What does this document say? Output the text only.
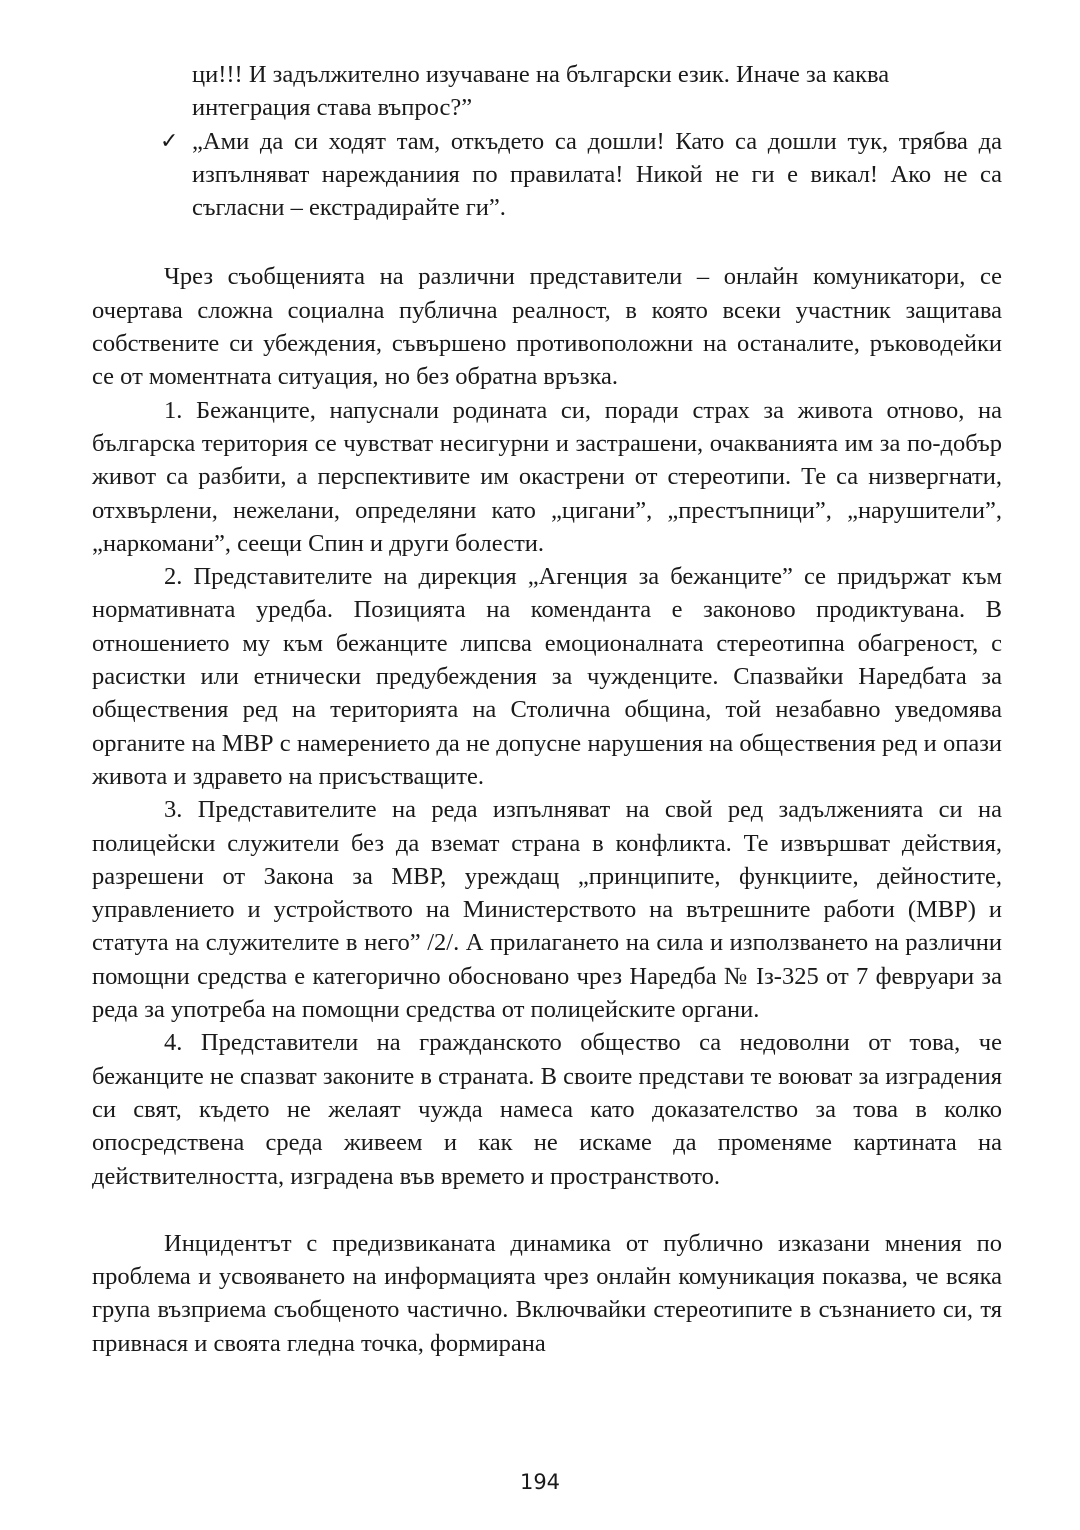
ци!!! И задължително изучаване на български език. Иначе за каква интеграция става въпрос?”

✓ „Ами да си ходят там, откъдето са дошли! Като са дошли тук, трябва да изпълняват нарежданиия по правилата! Никой не ги е викал! Ако не са съгласни – екстрадирайте ги”.

Чрез съобщенията на различни представители – онлайн комуникатори, се очертава сложна социална публична реалност, в която всеки участник защитава собствените си убеждения, съвършено противоположни на останалите, ръководейки се от моментната ситуация, но без обратна връзка.

1. Бежанците, напуснали родината си, поради страх за живота отново, на българска територия се чувстват несигурни и застрашени, очакванията им за по-добър живот са разбити, а перспективите им окастрени от стереотипи. Те са низвергнати, отхвърлени, нежелани, определяни като „цигани”, „престъпници”, „нарушители”, „наркомани”, сеещи Спин и други болести.

2. Представителите на дирекция „Агенция за бежанците” се придържат към нормативната уредба. Позицията на коменданта е законово продиктувана. В отношението му към бежанците липсва емоционалната стереотипна обагреност, с расистки или етнически предубеждения за чужденците. Спазвайки Наредбата за обществения ред на територията на Столична община, той незабавно уведомява органите на МВР с намерението да не допусне нарушения на обществения ред и опази живота и здравето на присъстващите.

3. Представителите на реда изпълняват на свой ред задълженията си на полицейски служители без да вземат страна в конфликта. Те извършват действия, разрешени от Закона за МВР, уреждащ „принципите, функциите, дейностите, управлението и устройството на Министерството на вътрешните работи (МВР) и статута на служителите в него” /2/. А прилагането на сила и използването на различни помощни средства е категорично обосновано чрез Наредба № Із-325 от 7 февруари за реда за употреба на помощни средства от полицейските органи.

4. Представители на гражданското общество са недоволни от това, че бежанците не спазват законите в страната. В своите представи те воюват за изградения си свят, където не желаят чужда намеса като доказателство за това в колко опосредствена среда живеем и как не искаме да променяме картината на действителността, изградена във времето и пространството.

Инцидентът с предизвиканата динамика от публично изказани мнения по проблема и усвояването на информацията чрез онлайн комуникация показва, че всяка група възприема съобщеното частично. Включвайки стереотипите в съзнанието си, тя привнася и своята гледна точка, формирана

194
